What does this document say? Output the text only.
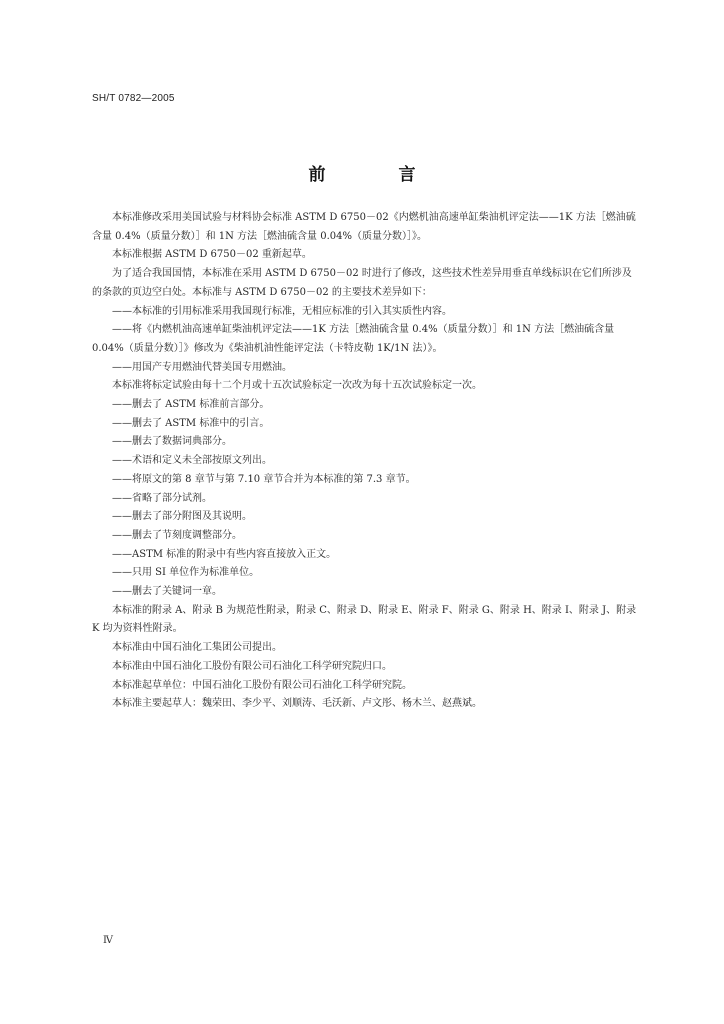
SH/T 0782—2005
前　言

本标准修改采用美国试验与材料协会标准 ASTM D 6750－02《内燃机油高速单缸柴油机评定法——1K 方法［燃油硫含量 0.4%（质量分数）］和 1N 方法［燃油硫含量 0.04%（质量分数）］》。

本标准根据 ASTM D 6750－02 重新起草。

为了适合我国国情，本标准在采用 ASTM D 6750－02 时进行了修改，这些技术性差异用垂直单线标识在它们所涉及的条款的页边空白处。本标准与 ASTM D 6750－02 的主要技术差异如下：

——本标准的引用标准采用我国现行标准，无相应标准的引入其实质性内容。

——将《内燃机油高速单缸柴油机评定法——1K 方法［燃油硫含量 0.4%（质量分数）］和 1N 方法［燃油硫含量 0.04%（质量分数）］》修改为《柴油机油性能评定法（卡特皮勒 1K/1N 法）》。

——用国产专用燃油代替美国专用燃油。

本标准将标定试验由每十二个月或十五次试验标定一次改为每十五次试验标定一次。

——删去了 ASTM 标准前言部分。

——删去了 ASTM 标准中的引言。

——删去了数据词典部分。

——术语和定义未全部按原文列出。

——将原文的第 8 章节与第 7.10 章节合并为本标准的第 7.3 章节。

——省略了部分试剂。

——删去了部分附图及其说明。

——删去了节刻度调整部分。

——ASTM 标准的附录中有些内容直接放入正文。

——只用 SI 单位作为标准单位。

——删去了关键词一章。

本标准的附录 A、附录 B 为规范性附录，附录 C、附录 D、附录 E、附录 F、附录 G、附录 H、附录 I、附录 J、附录 K 均为资料性附录。

本标准由中国石油化工集团公司提出。

本标准由中国石油化工股份有限公司石油化工科学研究院归口。

本标准起草单位：中国石油化工股份有限公司石油化工科学研究院。

本标准主要起草人：魏荣田、李少平、刘顺涛、毛沃新、卢文彤、杨木兰、赵燕斌。

Ⅳ
